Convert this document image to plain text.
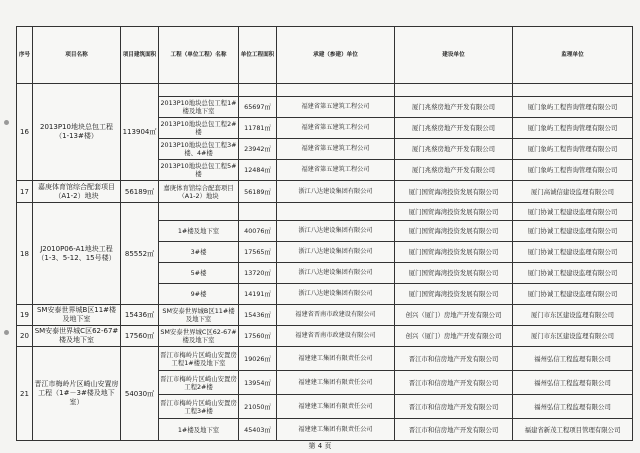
序号	项目名称	项目建筑面积	工程（单位工程）名称	单位工程面积	承建（参建）单位	建设单位	监理单位
16	2013P10地块总包工程（1-13#楼）	113904㎡					
			2013P10地块总包工程1#楼及地下室	65697㎡	福建省第五建筑工程公司	厦门兆蔡房地产开发有限公司	厦门象屿工程咨询管理有限公司
			2013P10地块总包工程2#楼	11781㎡	福建省第五建筑工程公司	厦门兆蔡房地产开发有限公司	厦门象屿工程咨询管理有限公司
			2013P10地块总包工程3#楼、4#楼	23942㎡	福建省第五建筑工程公司	厦门兆蔡房地产开发有限公司	厦门象屿工程咨询管理有限公司
			2013P10地块总包工程5#楼	12484㎡	福建省第五建筑工程公司	厦门兆蔡房地产开发有限公司	厦门象屿工程咨询管理有限公司
17	嘉庚体育馆综合配套项目（A1-2）地块	56189㎡	嘉庚体育馆综合配套项目（A1-2）地块	56189㎡	浙江八达建设集团有限公司	厦门国贸海湾投资发展有限公司	厦门高诚信建设监理有限公司
18	J2010P06-A1地块工程（1-3、5-12、15号楼）	85552㎡				厦门国贸海湾投资发展有限公司	厦门协诚工程建设监理有限公司
			1#楼及地下室	40076㎡	浙江八达建设集团有限公司	厦门国贸海湾投资发展有限公司	厦门协诚工程建设监理有限公司
			3#楼	17565㎡	浙江八达建设集团有限公司	厦门国贸海湾投资发展有限公司	厦门协诚工程建设监理有限公司
			5#楼	13720㎡	浙江八达建设集团有限公司	厦门国贸海湾投资发展有限公司	厦门协诚工程建设监理有限公司
			9#楼	14191㎡	浙江八达建设集团有限公司	厦门国贸海湾投资发展有限公司	厦门协诚工程建设监理有限公司
19	SM安泰世界城B区11#楼及地下室	15436㎡	SM安泰世界城B区11#楼及地下室	15436㎡	福建省晋南市政建设有限公司	创兴（厦门）房地产开发有限公司	厦门市东区建设监理有限公司
20	SM安泰世界城C区62-67#楼及地下室	17560㎡	SM安泰世界城C区62-67#楼及地下室	17560㎡	福建省晋南市政建设有限公司	创兴（厦门）房地产开发有限公司	厦门市东区建设监理有限公司
21	晋江市梅岭片区崎山安置房工程（1#－3#楼及地下室）	54030㎡	晋江市梅岭片区崎山安置房工程1#楼及地下室	19026㎡	福建建工集团有限责任公司	晋江市和信房地产开发有限公司	福州弘信工程监理有限公司
			晋江市梅岭片区崎山安置房工程2#楼	13954㎡	福建建工集团有限责任公司	晋江市和信房地产开发有限公司	福州弘信工程监理有限公司
			晋江市梅岭片区崎山安置房工程3#楼	21050㎡	福建建工集团有限责任公司	晋江市和信房地产开发有限公司	福州弘信工程监理有限公司
			1#楼及地下室	45403㎡	福建建工集团有限责任公司	晋江市和信房地产开发有限公司	福建省新茂工程项目管理有限公司
第 4 页
